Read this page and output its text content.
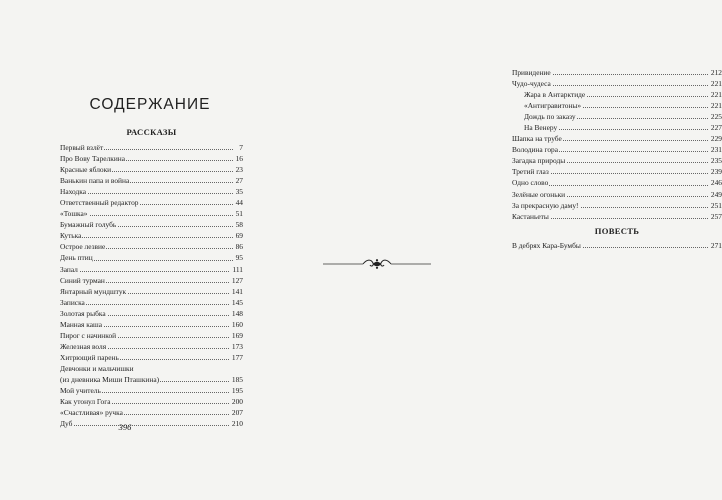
СОДЕРЖАНИЕ
РАССКАЗЫ
Первый взлёт	7
Про Вову Тарелкина	16
Красные яблоки	23
Ванькин папа и война	27
Находка	35
Ответственный редактор	44
«Тошка»	51
Бумажный голубь	58
Кутька	69
Острое лезвие	86
День птиц	95
Запал	111
Синий турман	127
Янтарный мундштук	141
Записка	145
Золотая рыбка	148
Манная каша	160
Пирог с начинкой	169
Железная воля	173
Хитрющий парень	177
Девчонки и мальчишки
(из дневника Миши Пташкина)	185
Мой учитель	195
Как утонул Гога	200
«Счастливая» ручка	207
Дуб	210
396
Привидение	212
Чудо-чудеса	221
Жара в Антарктиде	221
«Антигравитоны»	221
Дождь по заказу	225
На Венеру	227
Шапка на трубе	229
Володина гора	231
Загадка природы	235
Третий глаз	239
Одно слово	246
Зелёные огоньки	249
За прекрасную даму!	251
Кастаньеты	257
ПОВЕСТЬ
В дебрях Кара-Бумбы	271
